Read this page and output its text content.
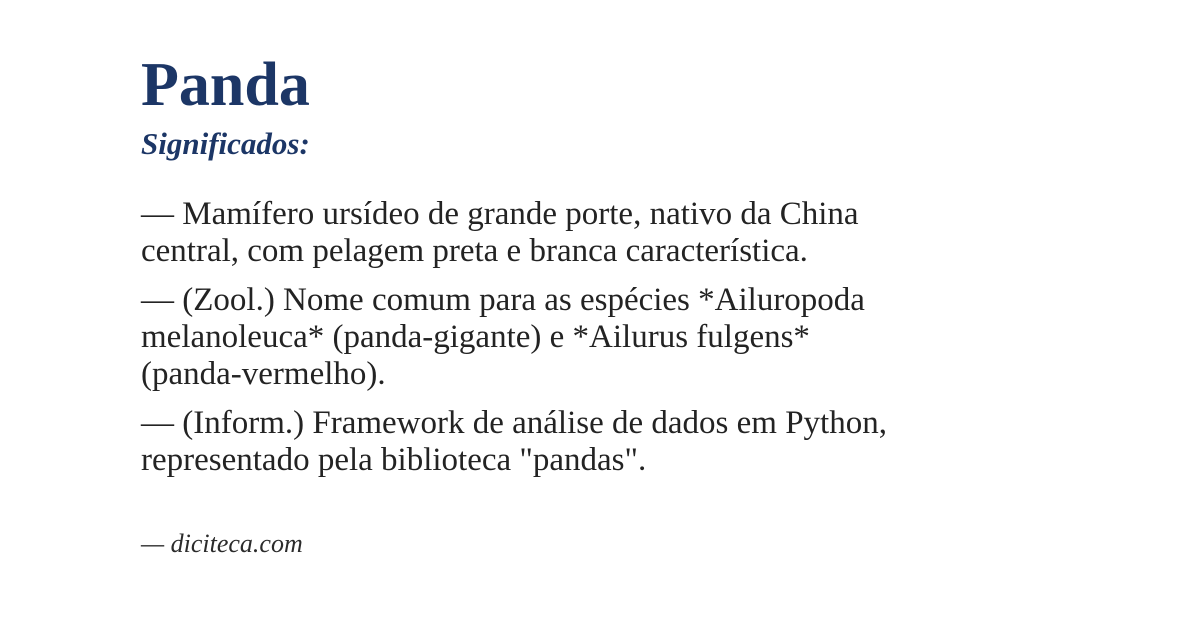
Panda
Significados:

— Mamífero ursídeo de grande porte, nativo da China
central, com pelagem preta e branca característica.

— (Zool.) Nome comum para as espécies *Ailuropoda
melanoleuca* (panda-gigante) e *Ailurus fulgens*
(panda-vermelho).

— (Inform.) Framework de análise de dados em Python,
representado pela biblioteca "pandas".

— diciteca.com
